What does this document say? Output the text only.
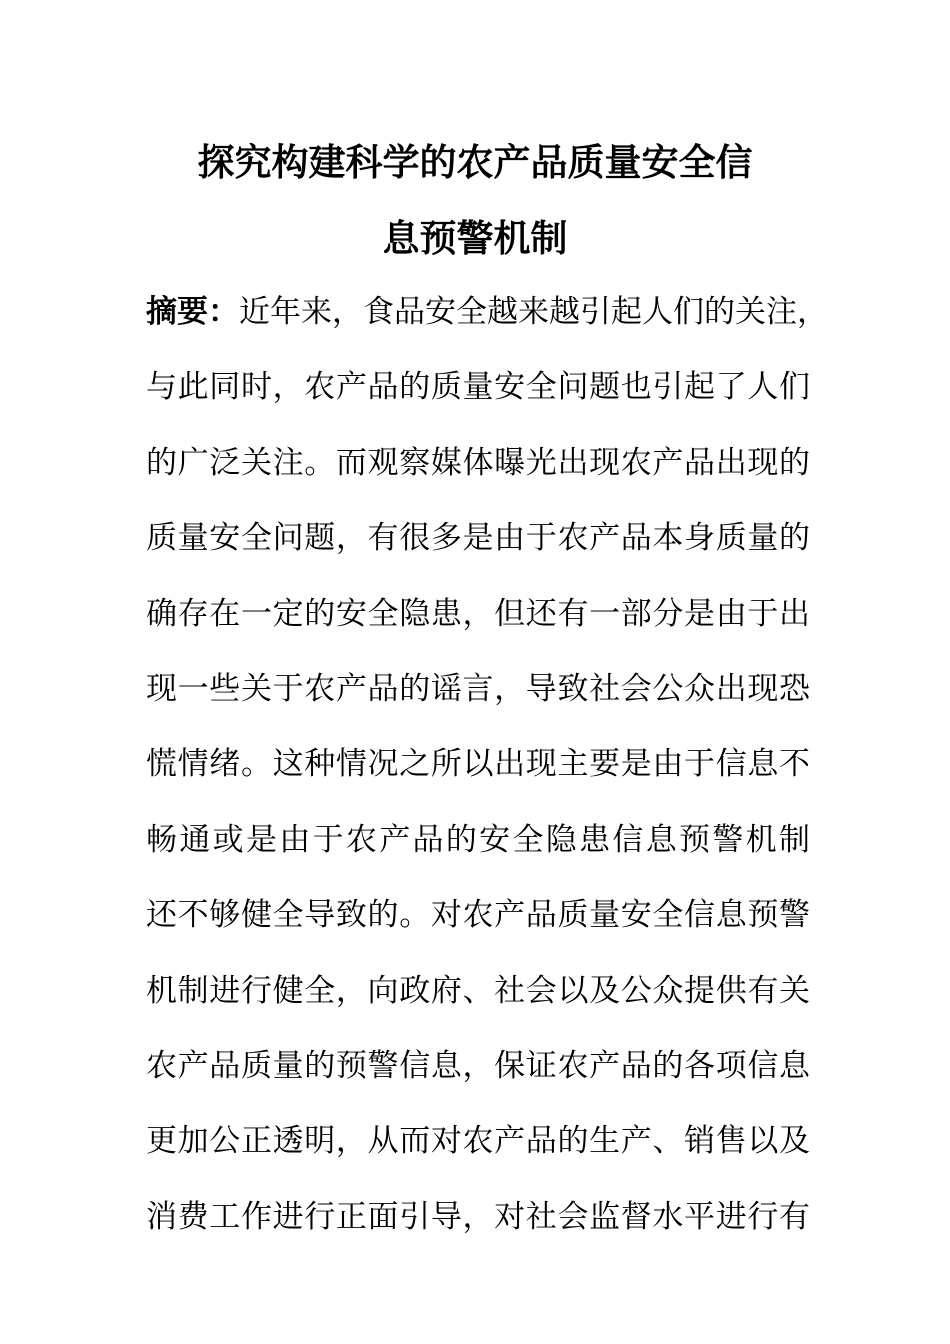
探究构建科学的农产品质量安全信
息预警机制
摘要：近年来，食品安全越来越引起人们的关注，
与此同时，农产品的质量安全问题也引起了人们
的广泛关注。而观察媒体曝光出现农产品出现的
质量安全问题，有很多是由于农产品本身质量的
确存在一定的安全隐患，但还有一部分是由于出
现一些关于农产品的谣言，导致社会公众出现恐
慌情绪。这种情况之所以出现主要是由于信息不
畅通或是由于农产品的安全隐患信息预警机制
还不够健全导致的。对农产品质量安全信息预警
机制进行健全，向政府、社会以及公众提供有关
农产品质量的预警信息，保证农产品的各项信息
更加公正透明，从而对农产品的生产、销售以及
消费工作进行正面引导，对社会监督水平进行有
